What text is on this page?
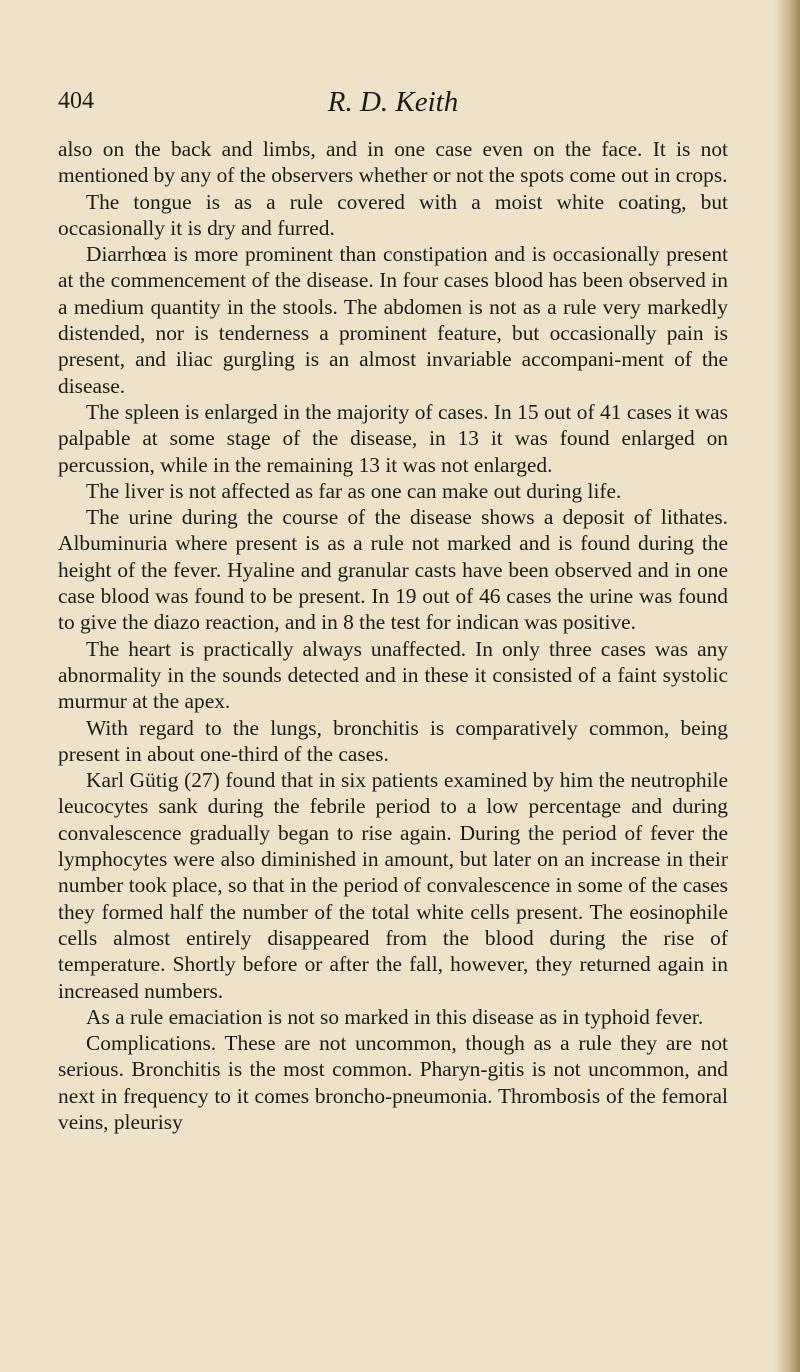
404	R. D. Keith

also on the back and limbs, and in one case even on the face. It is not mentioned by any of the observers whether or not the spots come out in crops.

The tongue is as a rule covered with a moist white coating, but occasionally it is dry and furred.

Diarrhœa is more prominent than constipation and is occasionally present at the commencement of the disease. In four cases blood has been observed in a medium quantity in the stools. The abdomen is not as a rule very markedly distended, nor is tenderness a prominent feature, but occasionally pain is present, and iliac gurgling is an almost invariable accompani-ment of the disease.

The spleen is enlarged in the majority of cases. In 15 out of 41 cases it was palpable at some stage of the disease, in 13 it was found enlarged on percussion, while in the remaining 13 it was not enlarged.

The liver is not affected as far as one can make out during life.

The urine during the course of the disease shows a deposit of lithates. Albuminuria where present is as a rule not marked and is found during the height of the fever. Hyaline and granular casts have been observed and in one case blood was found to be present. In 19 out of 46 cases the urine was found to give the diazo reaction, and in 8 the test for indican was positive.

The heart is practically always unaffected. In only three cases was any abnormality in the sounds detected and in these it consisted of a faint systolic murmur at the apex.

With regard to the lungs, bronchitis is comparatively common, being present in about one-third of the cases.

Karl Gütig (27) found that in six patients examined by him the neutrophile leucocytes sank during the febrile period to a low percentage and during convalescence gradually began to rise again. During the period of fever the lymphocytes were also diminished in amount, but later on an increase in their number took place, so that in the period of convalescence in some of the cases they formed half the number of the total white cells present. The eosinophile cells almost entirely disappeared from the blood during the rise of temperature. Shortly before or after the fall, however, they returned again in increased numbers.

As a rule emaciation is not so marked in this disease as in typhoid fever.

Complications. These are not uncommon, though as a rule they are not serious. Bronchitis is the most common. Pharyn-gitis is not uncommon, and next in frequency to it comes broncho-pneumonia. Thrombosis of the femoral veins, pleurisy
